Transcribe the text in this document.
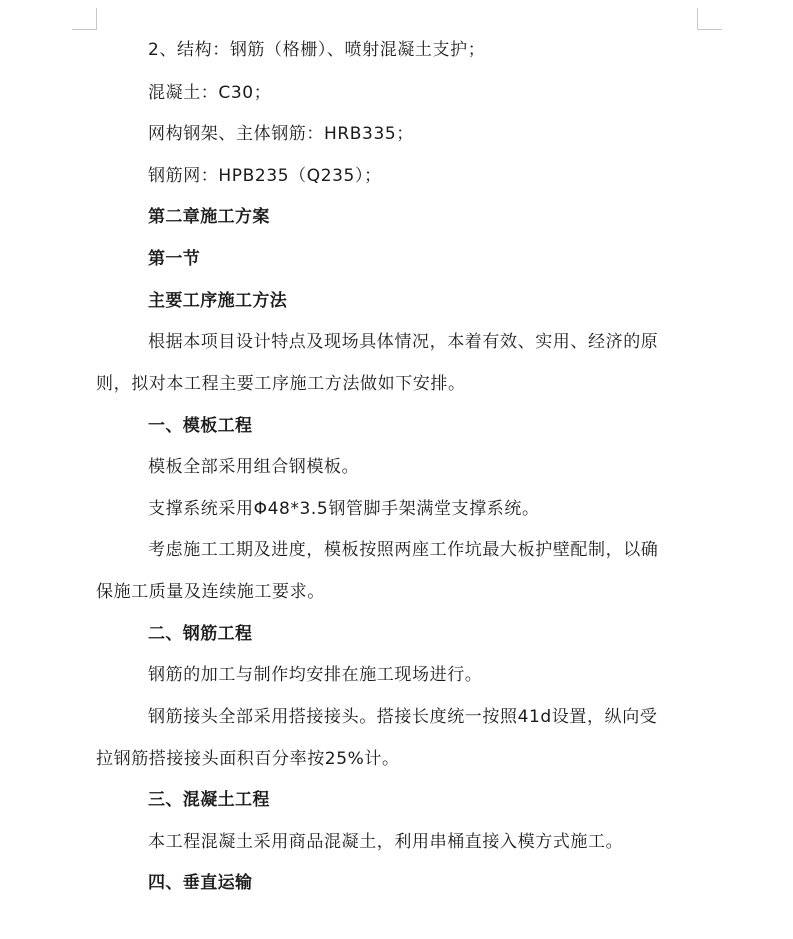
2、结构：钢筋（格栅）、喷射混凝土支护；
混凝土：C30；
网构钢架、主体钢筋：HRB335；
钢筋网：HPB235（Q235）；
第二章施工方案
第一节
主要工序施工方法
根据本项目设计特点及现场具体情况，本着有效、实用、经济的原
则，拟对本工程主要工序施工方法做如下安排。
一、模板工程
模板全部采用组合钢模板。
支撑系统采用Φ48*3.5钢管脚手架满堂支撑系统。
考虑施工工期及进度，模板按照两座工作坑最大板护壁配制，以确
保施工质量及连续施工要求。
二、钢筋工程
钢筋的加工与制作均安排在施工现场进行。
钢筋接头全部采用搭接接头。搭接长度统一按照41d设置，纵向受
拉钢筋搭接接头面积百分率按25%计。
三、混凝土工程
本工程混凝土采用商品混凝土，利用串桶直接入模方式施工。
四、垂直运输
